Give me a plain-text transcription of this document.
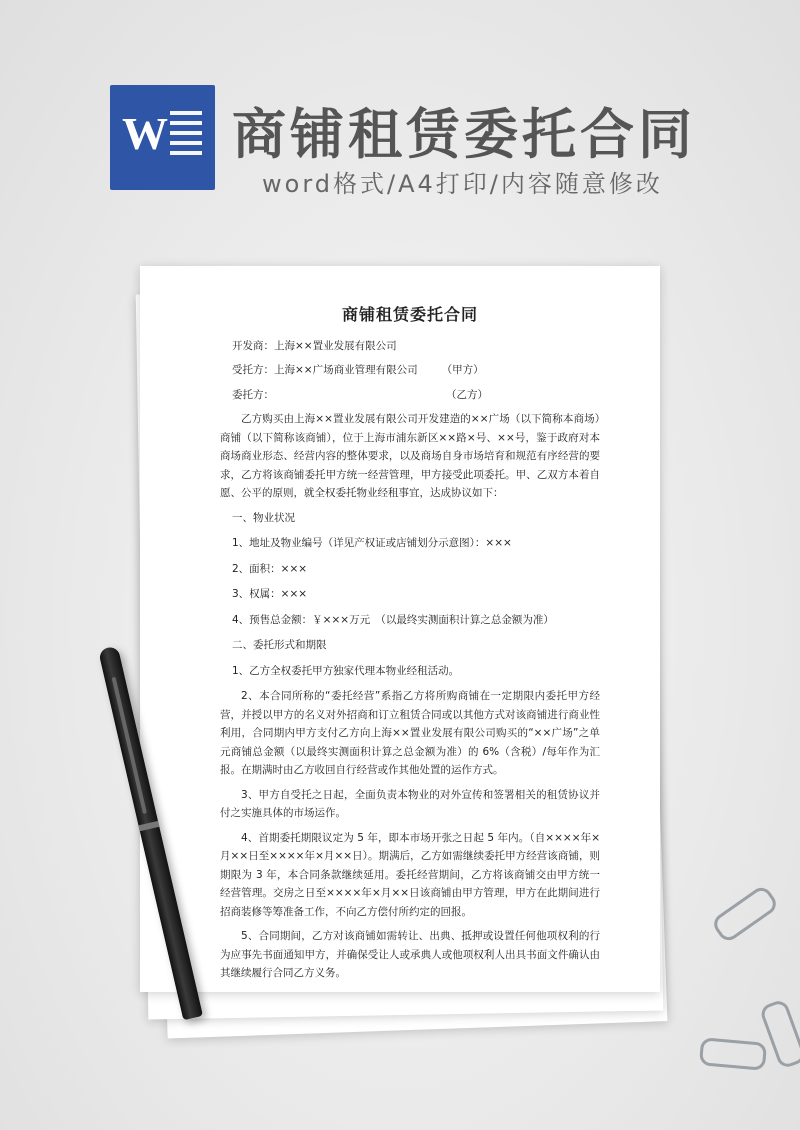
W 商铺租赁委托合同
word格式/A4打印/内容随意修改
商铺租赁委托合同
开发商：上海××置业发展有限公司
受托方：上海××广场商业管理有限公司 （甲方）
委托方：	（乙方）

乙方购买由上海××置业发展有限公司开发建造的××广场（以下简称本商场）商铺（以下简称该商铺），位于上海市浦东新区××路×号、××号，鉴于政府对本商场商业形态、经营内容的整体要求，以及商场自身市场培育和规范有序经营的要求，乙方将该商铺委托甲方统一经营管理，甲方接受此项委托。甲、乙双方本着自愿、公平的原则，就全权委托物业经租事宜，达成协议如下：

一、物业状况
1、地址及物业编号（详见产权证或店铺划分示意图）：×××
2、面积：×××
3、权属：×××
4、预售总金额：￥×××万元　（以最终实测面积计算之总金额为准）
二、委托形式和期限
1、乙方全权委托甲方独家代理本物业经租活动。

2、本合同所称的“委托经营”系指乙方将所购商铺在一定期限内委托甲方经营，并授以甲方的名义对外招商和订立租赁合同或以其他方式对该商铺进行商业性利用，合同期内甲方支付乙方向上海××置业发展有限公司购买的“××广场”之单元商铺总金额（以最终实测面积计算之总金额为准）的 6%（含税）/每年作为汇报。在期满时由乙方收回自行经营或作其他处置的运作方式。

3、甲方自受托之日起，全面负责本物业的对外宣传和签署相关的租赁协议并付之实施具体的市场运作。

4、首期委托期限议定为 5 年，即本市场开张之日起 5 年内。（自××××年×月××日至××××年×月××日）。期满后，乙方如需继续委托甲方经营该商铺，则期限为 3 年，本合同条款继续延用。委托经营期间，乙方将该商铺交由甲方统一经营管理。交房之日至××××年×月××日该商铺由甲方管理，甲方在此期间进行招商装修等筹准备工作，不向乙方偿付所约定的回报。

5、合同期间，乙方对该商铺如需转让、出典、抵押或设置任何他项权利的行为应事先书面通知甲方，并确保受让人或承典人或他项权利人出具书面文件确认由其继续履行合同乙方义务。
